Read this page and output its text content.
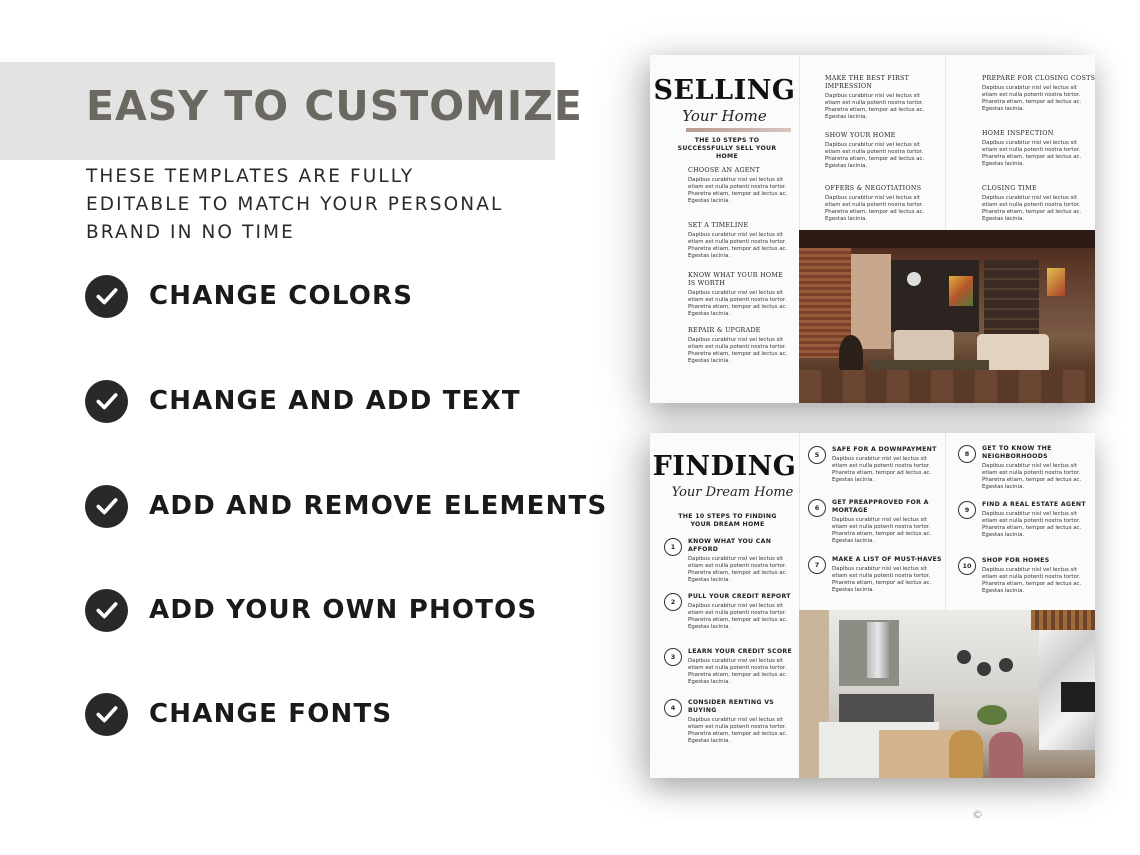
EASY TO CUSTOMIZE
THESE TEMPLATES ARE FULLY EDITABLE TO MATCH YOUR PERSONAL BRAND IN NO TIME
CHANGE COLORS
CHANGE AND ADD TEXT
ADD AND REMOVE ELEMENTS
ADD YOUR OWN PHOTOS
CHANGE FONTS
SELLING
Your Home
THE 10 STEPS TO SUCCESSFULLY SELL YOUR HOME
CHOOSE AN AGENT
Dapibus curabitur nisl vel lectus sit
etiam est nulla potenti nostra tortor.
Pharetra etiam, tempor ad lectus ac.
Egestas lacinia.
SET A TIMELINE
Dapibus curabitur nisl vel lectus sit
etiam est nulla potenti nostra tortor.
Pharetra etiam, tempor ad lectus ac.
Egestas lacinia.
KNOW WHAT YOUR HOME IS WORTH
Dapibus curabitur nisl vel lectus sit
etiam est nulla potenti nostra tortor.
Pharetra etiam, tempor ad lectus ac.
Egestas lacinia.
REPAIR & UPGRADE
Dapibus curabitur nisl vel lectus sit
etiam est nulla potenti nostra tortor.
Pharetra etiam, tempor ad lectus ac.
Egestas lacinia.
MAKE THE BEST FIRST IMPRESSION
Dapibus curabitur nisl vel lectus sit
etiam est nulla potenti nostra tortor.
Pharetra etiam, tempor ad lectus ac.
Egestas lacinia.
SHOW YOUR HOME
Dapibus curabitur nisl vel lectus sit
etiam est nulla potenti nostra tortor.
Pharetra etiam, tempor ad lectus ac.
Egestas lacinia.
OFFERS & NEGOTIATIONS
Dapibus curabitur nisl vel lectus sit
etiam est nulla potenti nostra tortor.
Pharetra etiam, tempor ad lectus ac.
Egestas lacinia.
PREPARE FOR CLOSING COSTS
Dapibus curabitur nisl vel lectus sit
etiam est nulla potenti nostra tortor.
Pharetra etiam, tempor ad lectus ac.
Egestas lacinia.
HOME INSPECTION
Dapibus curabitur nisl vel lectus sit
etiam est nulla potenti nostra tortor.
Pharetra etiam, tempor ad lectus ac.
Egestas lacinia.
CLOSING TIME
Dapibus curabitur nisl vel lectus sit
etiam est nulla potenti nostra tortor.
Pharetra etiam, tempor ad lectus ac.
Egestas lacinia.
FINDING
Your Dream Home
THE 10 STEPS TO FINDING YOUR DREAM HOME
1
KNOW WHAT YOU CAN AFFORD
Dapibus curabitur nisl vel lectus sit
etiam est nulla potenti nostra tortor.
Pharetra etiam, tempor ad lectus ac.
Egestas lacinia.
2
PULL YOUR CREDIT REPORT
Dapibus curabitur nisl vel lectus sit
etiam est nulla potenti nostra tortor.
Pharetra etiam, tempor ad lectus ac.
Egestas lacinia.
3
LEARN YOUR CREDIT SCORE
Dapibus curabitur nisl vel lectus sit
etiam est nulla potenti nostra tortor.
Pharetra etiam, tempor ad lectus ac.
Egestas lacinia.
4
CONSIDER RENTING VS BUYING
Dapibus curabitur nisl vel lectus sit
etiam est nulla potenti nostra tortor.
Pharetra etiam, tempor ad lectus ac.
Egestas lacinia.
5
SAFE FOR A DOWNPAYMENT
Dapibus curabitur nisl vel lectus sit
etiam est nulla potenti nostra tortor.
Pharetra etiam, tempor ad lectus ac.
Egestas lacinia.
6
GET PREAPPROVED FOR A MORTAGE
Dapibus curabitur nisl vel lectus sit
etiam est nulla potenti nostra tortor.
Pharetra etiam, tempor ad lectus ac.
Egestas lacinia.
7
MAKE A LIST OF MUST-HAVES
Dapibus curabitur nisl vel lectus sit
etiam est nulla potenti nostra tortor.
Pharetra etiam, tempor ad lectus ac.
Egestas lacinia.
8
GET TO KNOW THE NEIGHBORHOODS
Dapibus curabitur nisl vel lectus sit
etiam est nulla potenti nostra tortor.
Pharetra etiam, tempor ad lectus ac.
Egestas lacinia.
9
FIND A REAL ESTATE AGENT
Dapibus curabitur nisl vel lectus sit
etiam est nulla potenti nostra tortor.
Pharetra etiam, tempor ad lectus ac.
Egestas lacinia.
10
SHOP FOR HOMES
Dapibus curabitur nisl vel lectus sit
etiam est nulla potenti nostra tortor.
Pharetra etiam, tempor ad lectus ac.
Egestas lacinia.
©
